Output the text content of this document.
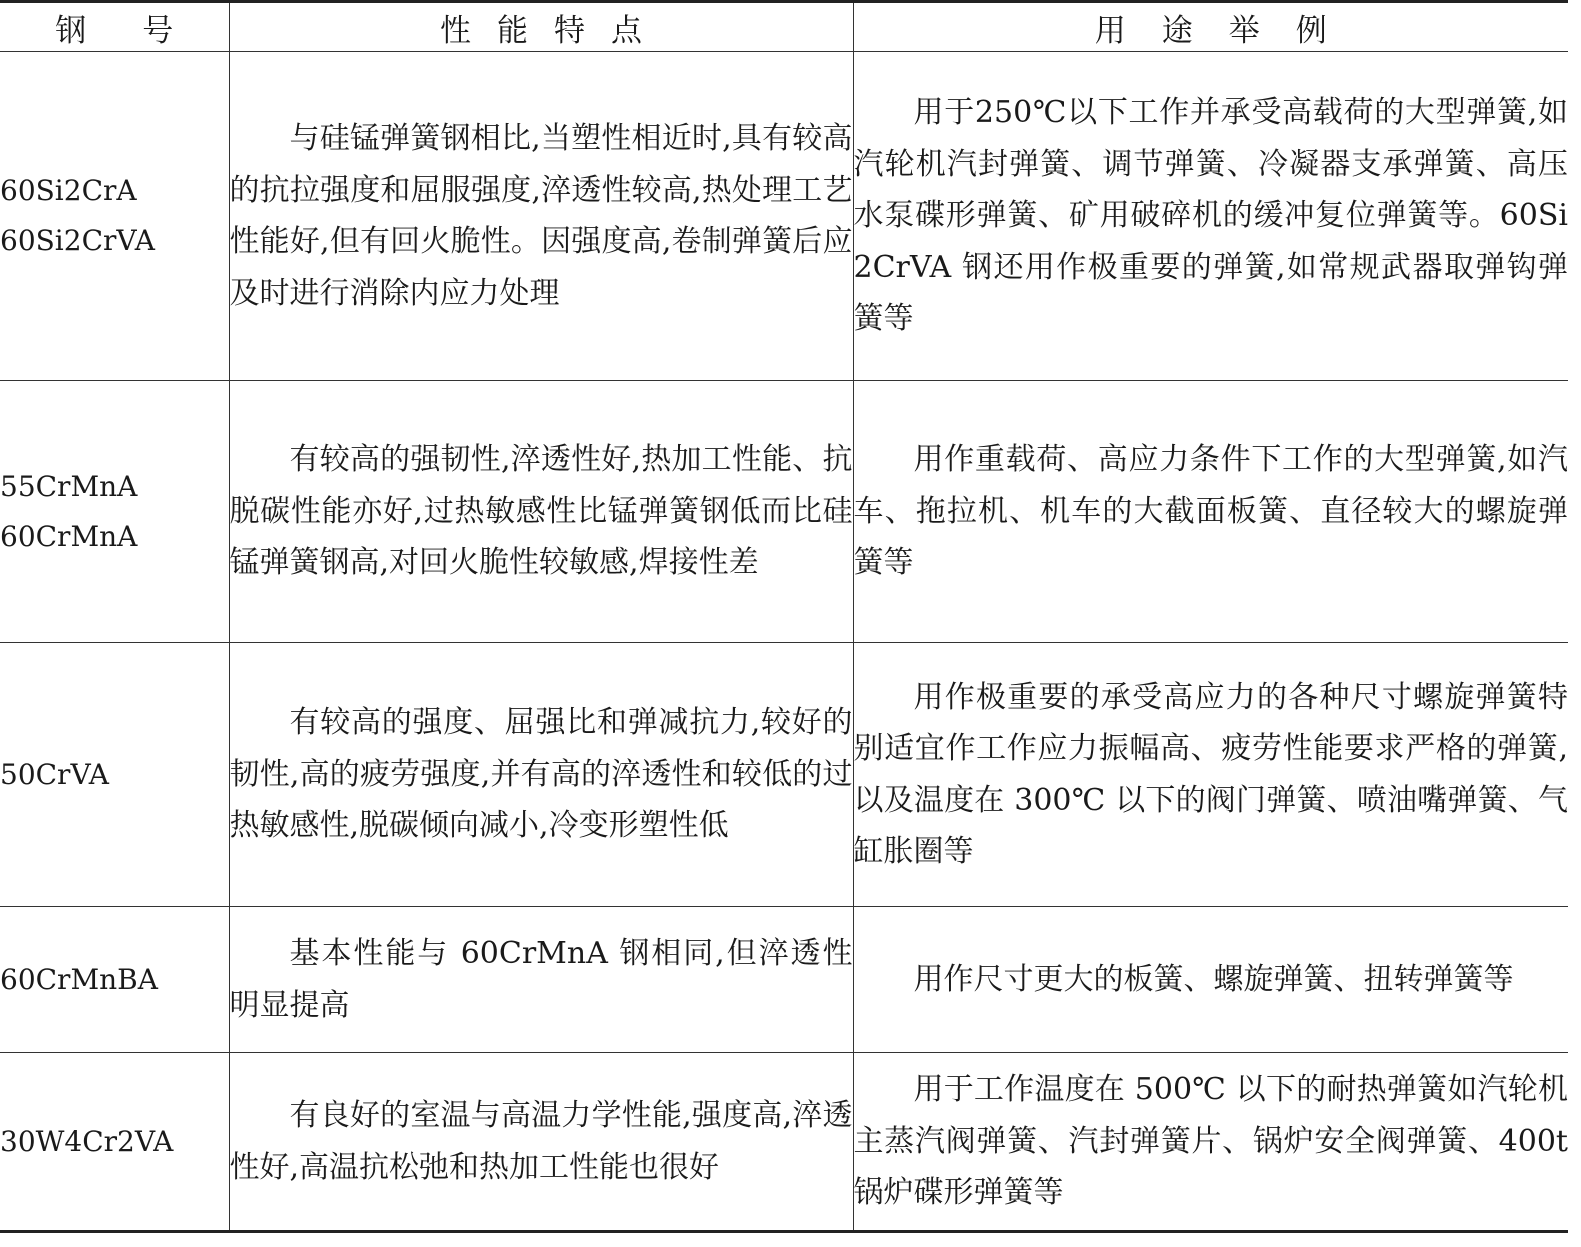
钢 号	性 能 特 点	用 途 举 例

60Si2CrA
60Si2CrVA	与硅锰弹簧钢相比,当塑性相近时,具有较高的抗拉强度和屈服强度,淬透性较高,热处理工艺性能好,但有回火脆性。因强度高,卷制弹簧后应及时进行消除内应力处理	用于250℃以下工作并承受高载荷的大型弹簧,如汽轮机汽封弹簧、调节弹簧、冷凝器支承弹簧、高压水泵碟形弹簧、矿用破碎机的缓冲复位弹簧等。60Si2CrVA 钢还用作极重要的弹簧,如常规武器取弹钩弹簧等

55CrMnA
60CrMnA	有较高的强韧性,淬透性好,热加工性能、抗脱碳性能亦好,过热敏感性比锰弹簧钢低而比硅锰弹簧钢高,对回火脆性较敏感,焊接性差	用作重载荷、高应力条件下工作的大型弹簧,如汽车、拖拉机、机车的大截面板簧、直径较大的螺旋弹簧等

50CrVA	有较高的强度、屈强比和弹减抗力,较好的韧性,高的疲劳强度,并有高的淬透性和较低的过热敏感性,脱碳倾向减小,冷变形塑性低	用作极重要的承受高应力的各种尺寸螺旋弹簧特别适宜作工作应力振幅高、疲劳性能要求严格的弹簧,以及温度在 300℃ 以下的阀门弹簧、喷油嘴弹簧、气缸胀圈等

60CrMnBA	基本性能与 60CrMnA 钢相同,但淬透性明显提高	用作尺寸更大的板簧、螺旋弹簧、扭转弹簧等

30W4Cr2VA	有良好的室温与高温力学性能,强度高,淬透性好,高温抗松弛和热加工性能也很好	用于工作温度在 500℃ 以下的耐热弹簧如汽轮机主蒸汽阀弹簧、汽封弹簧片、锅炉安全阀弹簧、400t 锅炉碟形弹簧等
